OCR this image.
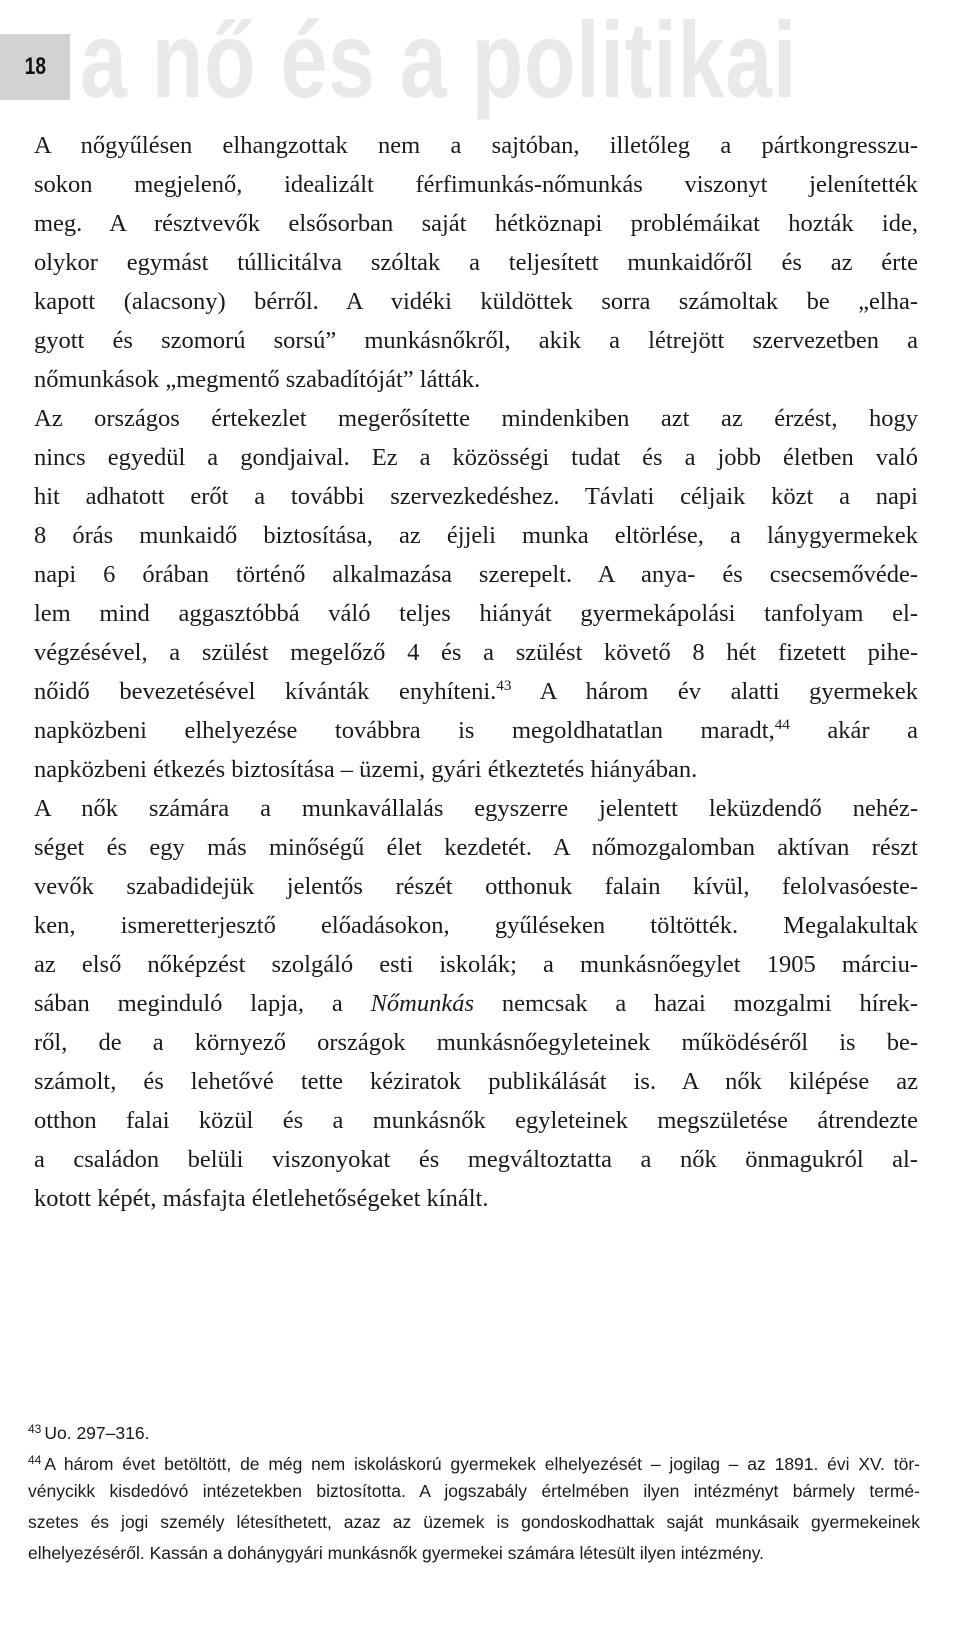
18 a nő és a politikai
A nőgyűlésen elhangzottak nem a sajtóban, illetőleg a pártkongresszu-
sokon megjelenő, idealizált férfimunkás-nőmunkás viszonyt jelenítették
meg. A résztvevők elsősorban saját hétköznapi problémáikat hozták ide,
olykor egymást túllicitálva szóltak a teljesített munkaidőről és az érte
kapott (alacsony) bérről. A vidéki küldöttek sorra számoltak be „elha-
gyott és szomorú sorsú” munkásnőkről, akik a létrejött szervezetben a
nőmunkások „megmentő szabadítóját” látták.
Az országos értekezlet megerősítette mindenkiben azt az érzést, hogy
nincs egyedül a gondjaival. Ez a közösségi tudat és a jobb életben való
hit adhatott erőt a további szervezkedéshez. Távlati céljaik közt a napi
8 órás munkaidő biztosítása, az éjjeli munka eltörlése, a lánygyermekek
napi 6 órában történő alkalmazása szerepelt. A anya- és csecsemővéde-
lem mind aggasztóbbá váló teljes hiányát gyermekápolási tanfolyam el-
végzésével, a szülést megelőző 4 és a szülést követő 8 hét fizetett pihe-
nőidő bevezetésével kívánták enyhíteni.$^{43}$ A három év alatti gyermekek
napközbeni elhelyezése továbbra is megoldhatatlan maradt,$^{44}$ akár a
napközbeni étkezés biztosítása – üzemi, gyári étkeztetés hiányában.
A nők számára a munkavállalás egyszerre jelentett leküzdendő nehéz-
séget és egy más minőségű élet kezdetét. A nőmozgalomban aktívan részt
vevők szabadidejük jelentős részét otthonuk falain kívül, felolvasóeste-
ken, ismeretterjesztő előadásokon, gyűléseken töltötték. Megalakultak
az első nőképzést szolgáló esti iskolák; a munkásnőegylet 1905 márciu-
sában meginduló lapja, a Nőmunkás nemcsak a hazai mozgalmi hírek-
ről, de a környező országok munkásnőegyleteinek működéséről is be-
számolt, és lehetővé tette kéziratok publikálását is. A nők kilépése az
otthon falai közül és a munkásnők egyleteinek megszületése átrendezte
a családon belüli viszonyokat és megváltoztatta a nők önmagukról al-
kotott képét, másfajta életlehetőségeket kínált.
$^{43}$ Uo. 297–316.
$^{44}$ A három évet betöltött, de még nem iskoláskorú gyermekek elhelyezését – jogilag – az 1891. évi XV. tör-
vénycikk kisdedóvó intézetekben biztosította. A jogszabály értelmében ilyen intézményt bármely termé-
szetes és jogi személy létesíthetett, azaz az üzemek is gondoskodhattak saját munkásaik gyermekeinek
elhelyezéséről. Kassán a dohánygyári munkásnők gyermekei számára létesült ilyen intézmény.
